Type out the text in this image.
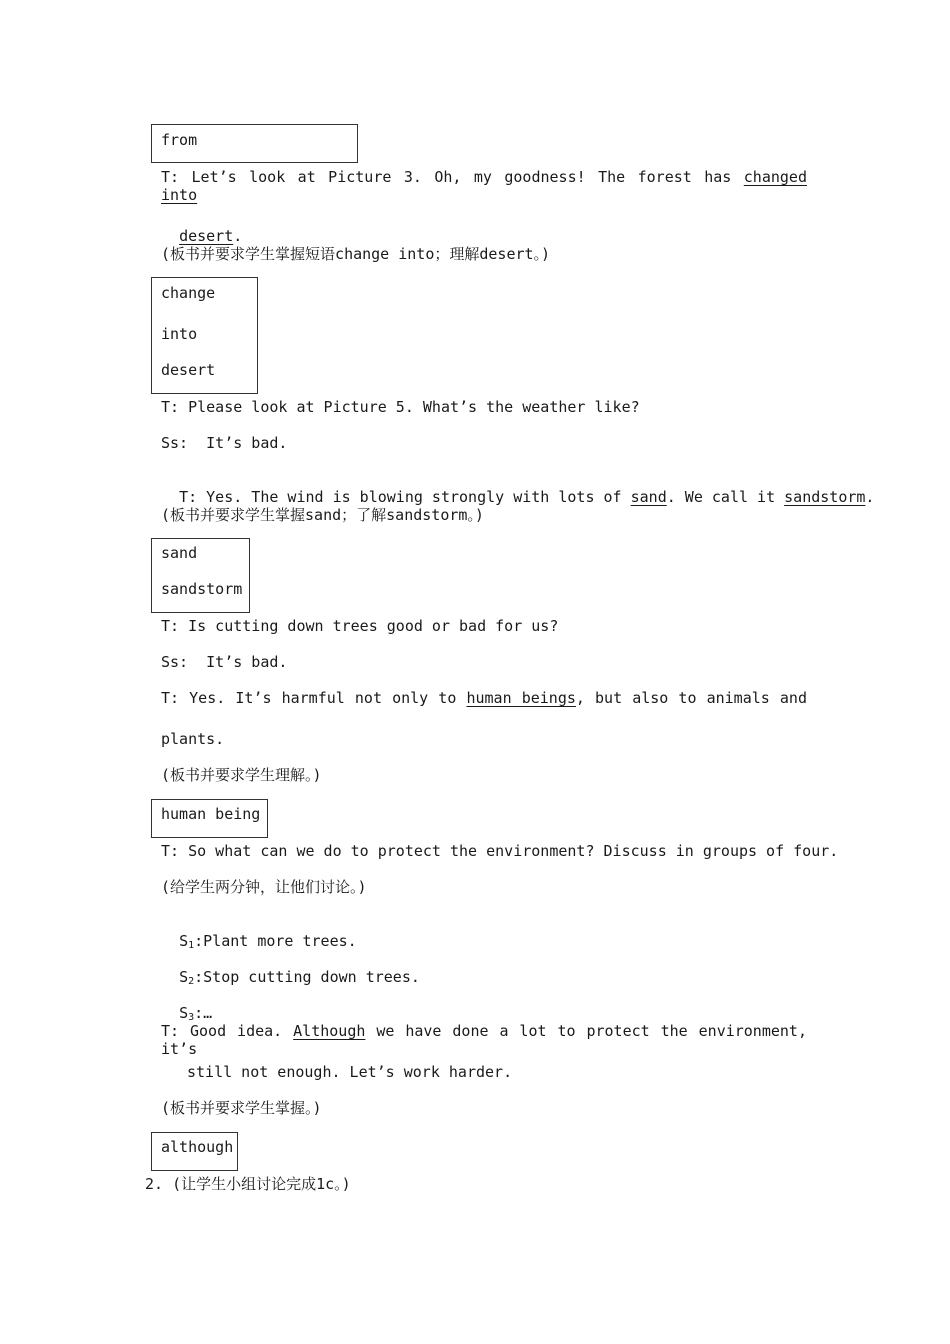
from
T: Let’s look at Picture 3. Oh, my goodness! The forest has changed into

desert.

(板书并要求学生掌握短语change into；理解desert。)
change
into
desert
T: Please look at Picture 5. What’s the weather like?
Ss:  It’s bad.

T: Yes. The wind is blowing strongly with lots of sand. We call it sandstorm.

(板书并要求学生掌握sand；了解sandstorm。)
sand
sandstorm
T: Is cutting down trees good or bad for us?
Ss:  It’s bad.
T: Yes. It’s harmful not only to human beings, but also to animals and
plants.
(板书并要求学生理解。)
human being
T: So what can we do to protect the environment? Discuss in groups of four.
(给学生两分钟，让他们讨论。)

$S_1:Plant$ more trees.

$S_2:Stop$ cutting down trees.

$S_3:\dots$

T: Good idea. Although we have done a lot to protect the environment, it’s
still not enough. Let’s work harder.
(板书并要求学生掌握。)
although
2. (让学生小组讨论完成1c。)
